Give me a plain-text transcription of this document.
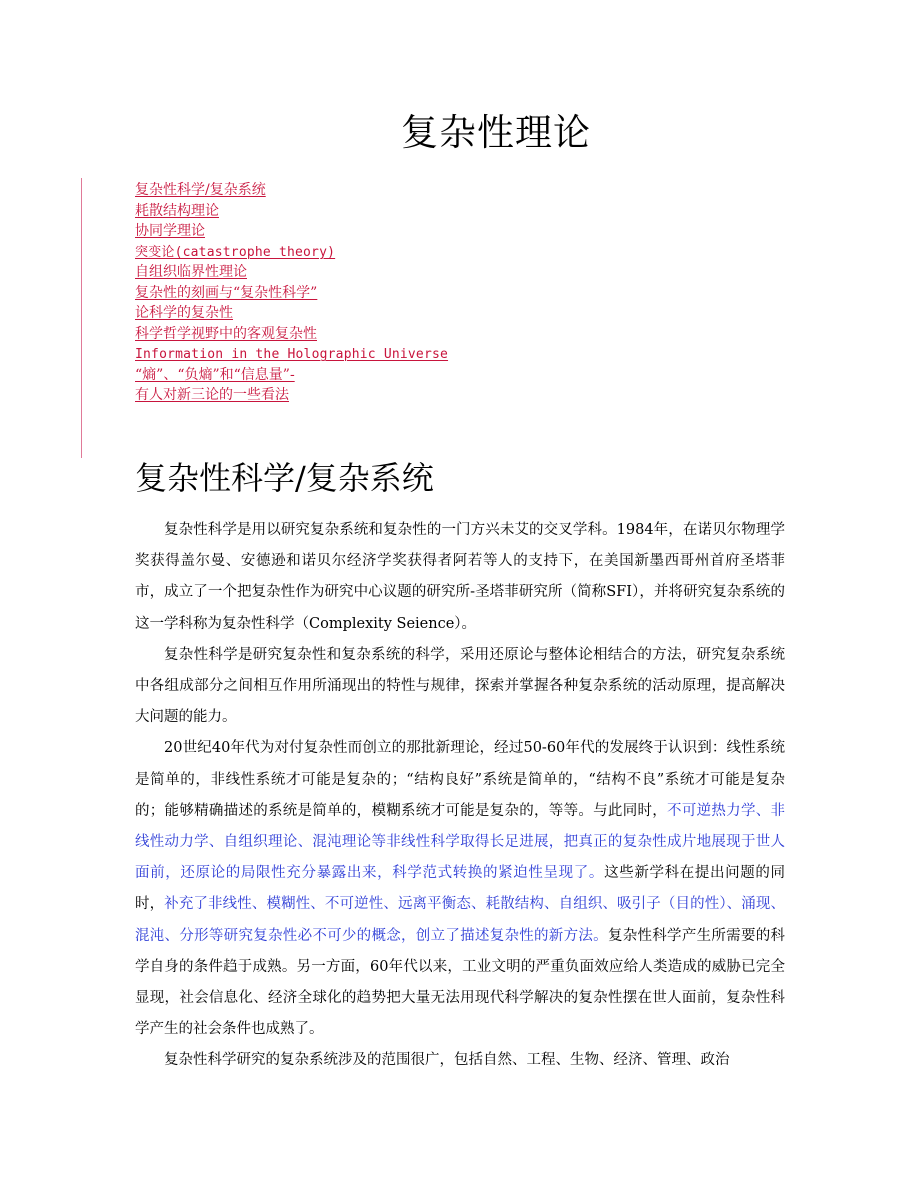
复杂性理论
复杂性科学/复杂系统
耗散结构理论
协同学理论
突变论(catastrophe theory)
自组织临界性理论
复杂性的刻画与“复杂性科学”
论科学的复杂性
科学哲学视野中的客观复杂性
Information in the Holographic Universe
“熵”、“负熵”和“信息量”-
有人对新三论的一些看法
复杂性科学/复杂系统

复杂性科学是用以研究复杂系统和复杂性的一门方兴未艾的交叉学科。1984年，在诺贝尔物理学奖获得盖尔曼、安德逊和诺贝尔经济学奖获得者阿若等人的支持下，在美国新墨西哥州首府圣塔菲市，成立了一个把复杂性作为研究中心议题的研究所-圣塔菲研究所（简称SFI），并将研究复杂系统的这一学科称为复杂性科学（Complexity Seience）。

复杂性科学是研究复杂性和复杂系统的科学，采用还原论与整体论相结合的方法，研究复杂系统中各组成部分之间相互作用所涌现出的特性与规律，探索并掌握各种复杂系统的活动原理，提高解决大问题的能力。

20世纪40年代为对付复杂性而创立的那批新理论，经过50-60年代的发展终于认识到：线性系统是简单的，非线性系统才可能是复杂的；“结构良好”系统是简单的，“结构不良”系统才可能是复杂的；能够精确描述的系统是简单的，模糊系统才可能是复杂的，等等。与此同时，不可逆热力学、非线性动力学、自组织理论、混沌理论等非线性科学取得长足进展，把真正的复杂性成片地展现于世人面前，还原论的局限性充分暴露出来，科学范式转换的紧迫性呈现了。这些新学科在提出问题的同时，补充了非线性、模糊性、不可逆性、远离平衡态、耗散结构、自组织、吸引子（目的性）、涌现、混沌、分形等研究复杂性必不可少的概念，创立了描述复杂性的新方法。复杂性科学产生所需要的科学自身的条件趋于成熟。另一方面，60年代以来，工业文明的严重负面效应给人类造成的威胁已完全显现，社会信息化、经济全球化的趋势把大量无法用现代科学解决的复杂性摆在世人面前，复杂性科学产生的社会条件也成熟了。

复杂性科学研究的复杂系统涉及的范围很广，包括自然、工程、生物、经济、管理、政治
